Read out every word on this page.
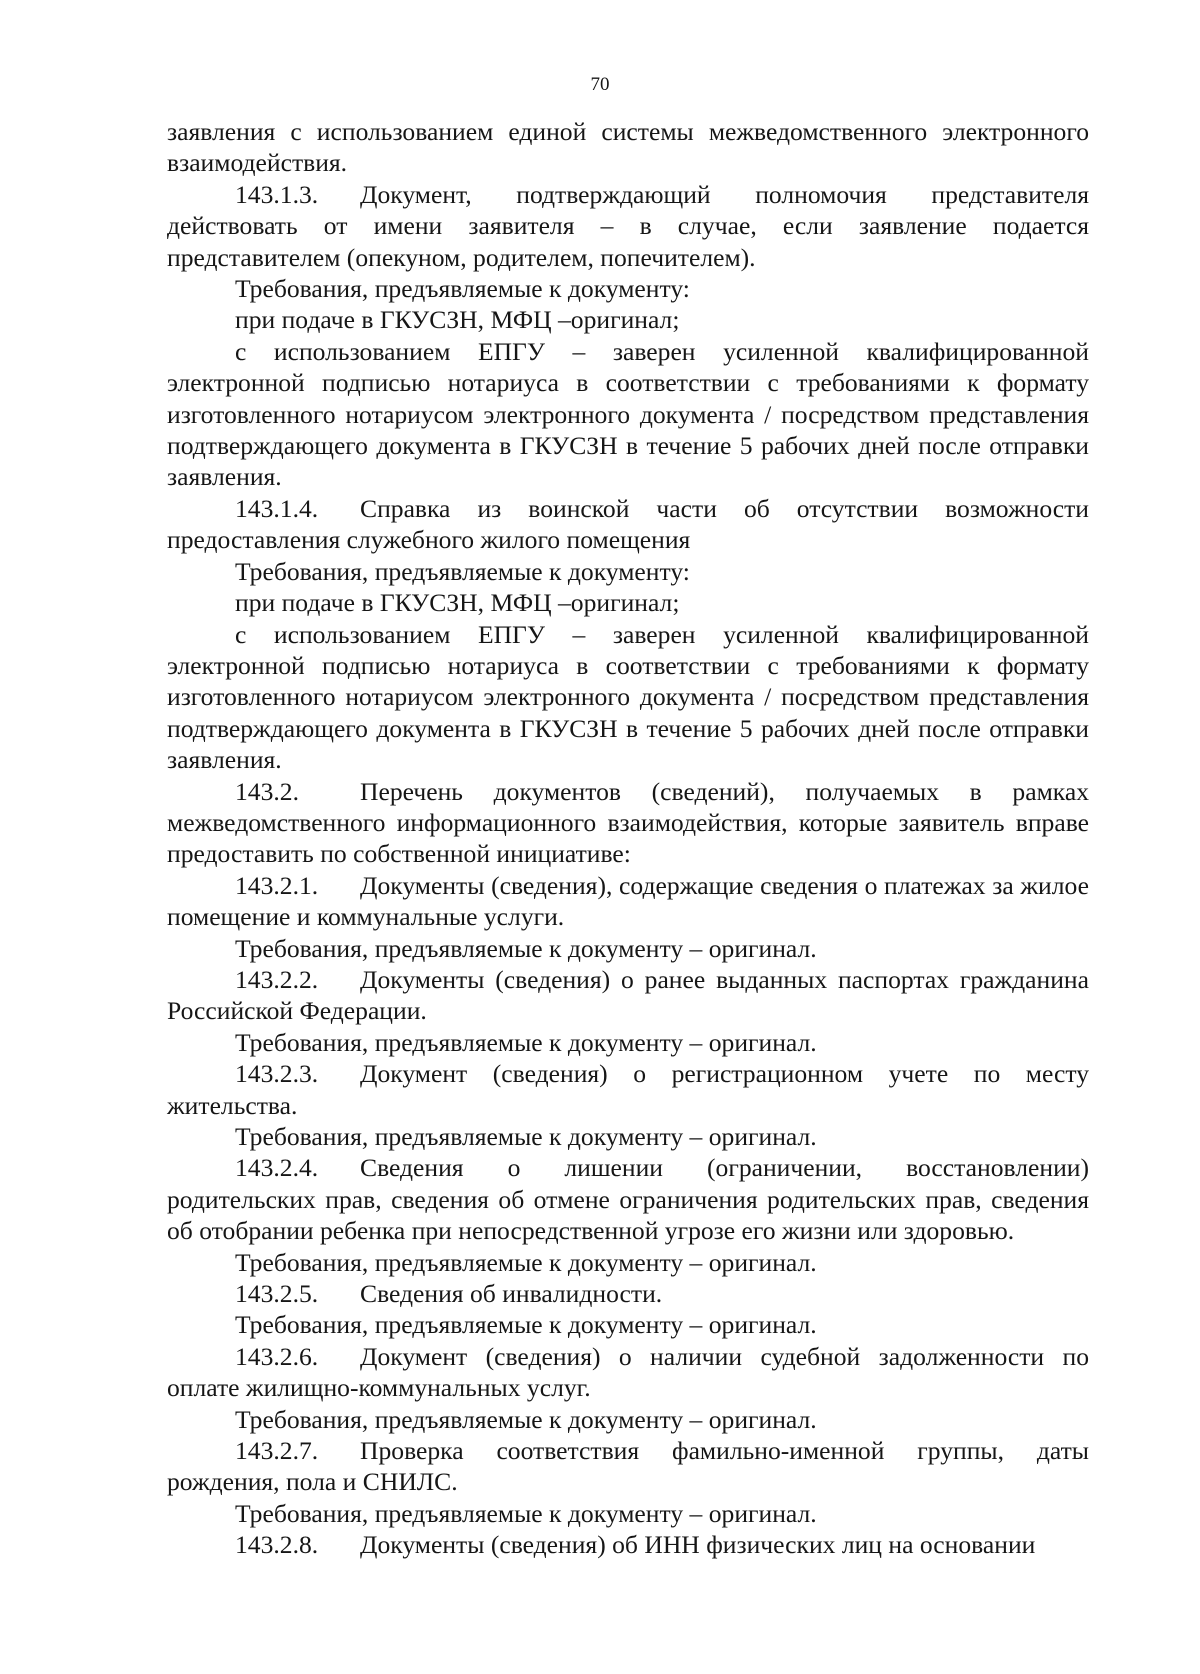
70

заявления с использованием единой системы межведомственного электронного взаимодействия.

143.1.3. Документ, подтверждающий полномочия представителя действовать от имени заявителя – в случае, если заявление подается представителем (опекуном, родителем, попечителем).

Требования, предъявляемые к документу:

при подаче в ГКУСЗН, МФЦ –оригинал;

с использованием ЕПГУ – заверен усиленной квалифицированной электронной подписью нотариуса в соответствии с требованиями к формату изготовленного нотариусом электронного документа / посредством представления подтверждающего документа в ГКУСЗН в течение 5 рабочих дней после отправки заявления.

143.1.4. Справка из воинской части об отсутствии возможности предоставления служебного жилого помещения

Требования, предъявляемые к документу:

при подаче в ГКУСЗН, МФЦ –оригинал;

с использованием ЕПГУ – заверен усиленной квалифицированной электронной подписью нотариуса в соответствии с требованиями к формату изготовленного нотариусом электронного документа / посредством представления подтверждающего документа в ГКУСЗН в течение 5 рабочих дней после отправки заявления.

143.2. Перечень документов (сведений), получаемых в рамках межведомственного информационного взаимодействия, которые заявитель вправе предоставить по собственной инициативе:

143.2.1. Документы (сведения), содержащие сведения о платежах за жилое помещение и коммунальные услуги.

Требования, предъявляемые к документу – оригинал.

143.2.2. Документы (сведения) о ранее выданных паспортах гражданина Российской Федерации.

Требования, предъявляемые к документу – оригинал.

143.2.3. Документ (сведения) о регистрационном учете по месту жительства.

Требования, предъявляемые к документу – оригинал.

143.2.4. Сведения о лишении (ограничении, восстановлении) родительских прав, сведения об отмене ограничения родительских прав, сведения об отобрании ребенка при непосредственной угрозе его жизни или здоровью.

Требования, предъявляемые к документу – оригинал.

143.2.5. Сведения об инвалидности.

Требования, предъявляемые к документу – оригинал.

143.2.6. Документ (сведения) о наличии судебной задолженности по оплате жилищно-коммунальных услуг.

Требования, предъявляемые к документу – оригинал.

143.2.7. Проверка соответствия фамильно-именной группы, даты рождения, пола и СНИЛС.

Требования, предъявляемые к документу – оригинал.

143.2.8. Документы (сведения) об ИНН физических лиц на основании
